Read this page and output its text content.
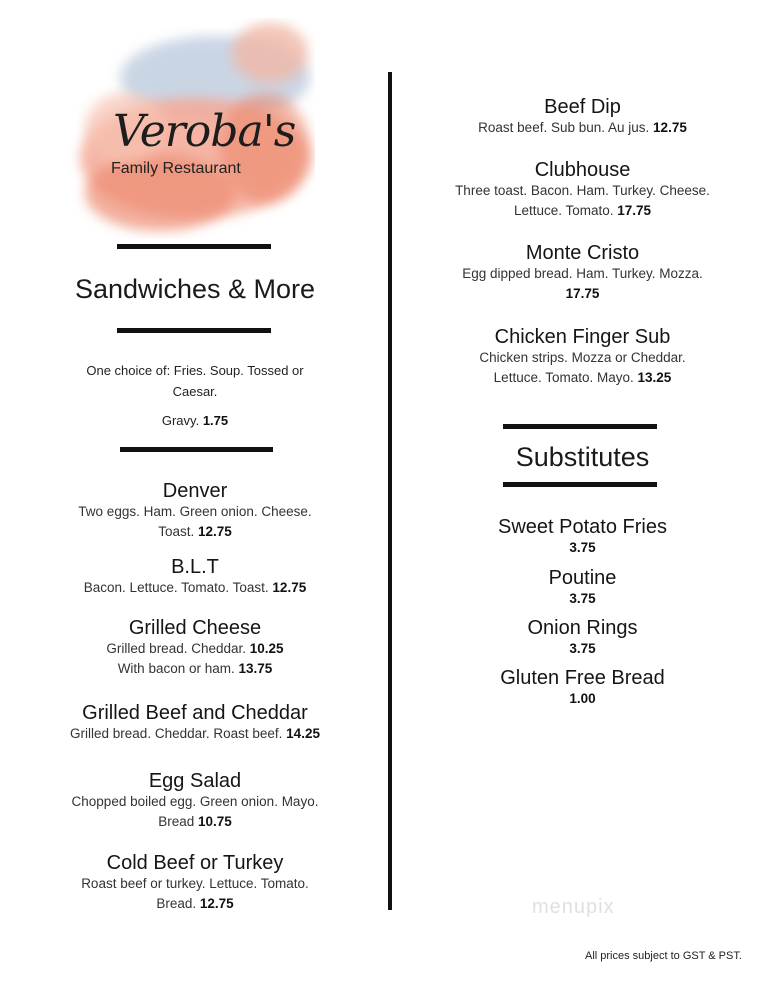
Veroba's
Family Restaurant
Sandwiches & More
One choice of: Fries. Soup. Tossed or
Caesar.
Gravy. 1.75
Denver
Two eggs. Ham. Green onion. Cheese.
Toast. 12.75
B.L.T
Bacon. Lettuce. Tomato. Toast. 12.75
Grilled Cheese
Grilled bread. Cheddar. 10.25
With bacon or ham. 13.75
Grilled Beef and Cheddar
Grilled bread. Cheddar. Roast beef. 14.25
Egg Salad
Chopped boiled egg. Green onion. Mayo.
Bread 10.75
Cold Beef or Turkey
Roast beef or turkey. Lettuce. Tomato.
Bread. 12.75
Beef Dip
Roast beef. Sub bun. Au jus. 12.75
Clubhouse
Three toast. Bacon. Ham. Turkey. Cheese.
Lettuce. Tomato. 17.75
Monte Cristo
Egg dipped bread. Ham. Turkey. Mozza.
17.75
Chicken Finger Sub
Chicken strips. Mozza or Cheddar.
Lettuce. Tomato. Mayo. 13.25
Substitutes
Sweet Potato Fries
3.75
Poutine
3.75
Onion Rings
3.75
Gluten Free Bread
1.00
menupix
All prices subject to GST & PST.
